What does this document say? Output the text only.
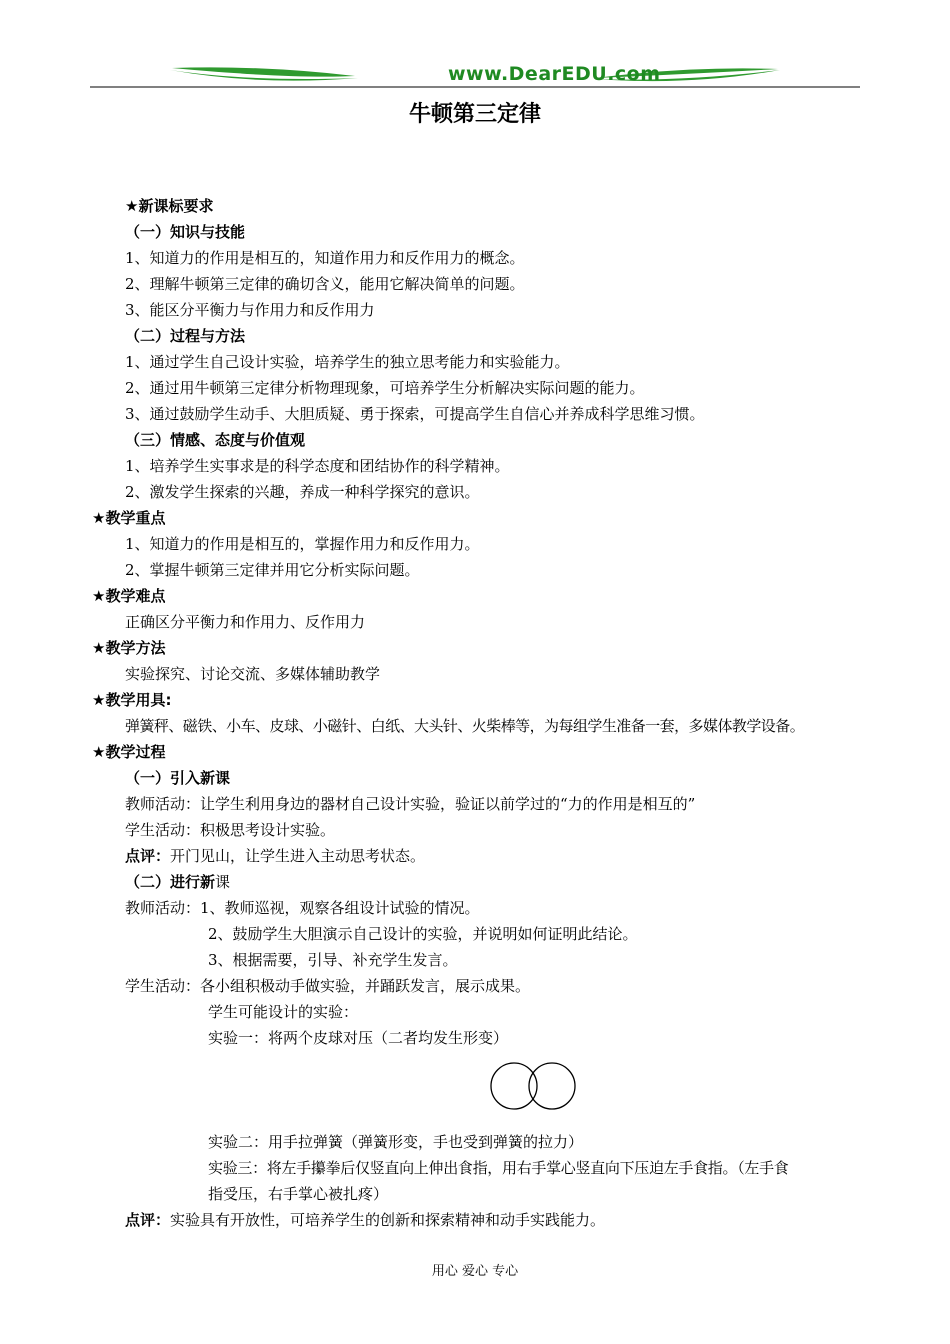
www.DearEDU.com
牛顿第三定律
★新课标要求
（一）知识与技能
1、知道力的作用是相互的，知道作用力和反作用力的概念。
2、理解牛顿第三定律的确切含义，能用它解决简单的问题。
3、能区分平衡力与作用力和反作用力
（二）过程与方法
1、通过学生自己设计实验，培养学生的独立思考能力和实验能力。
2、通过用牛顿第三定律分析物理现象，可培养学生分析解决实际问题的能力。
3、通过鼓励学生动手、大胆质疑、勇于探索，可提高学生自信心并养成科学思维习惯。
（三）情感、态度与价值观
1、培养学生实事求是的科学态度和团结协作的科学精神。
2、激发学生探索的兴趣，养成一种科学探究的意识。
★教学重点
1、知道力的作用是相互的，掌握作用力和反作用力。
2、掌握牛顿第三定律并用它分析实际问题。
★教学难点
正确区分平衡力和作用力、反作用力
★教学方法
实验探究、讨论交流、多媒体辅助教学
★教学用具:
弹簧秤、磁铁、小车、皮球、小磁针、白纸、大头针、火柴棒等，为每组学生准备一套，多媒体教学设备。
★教学过程
（一）引入新课
教师活动：让学生利用身边的器材自己设计实验，验证以前学过的“力的作用是相互的”
学生活动：积极思考设计实验。
点评：开门见山，让学生进入主动思考状态。
（二）进行新课
教师活动：1、教师巡视，观察各组设计试验的情况。
2、鼓励学生大胆演示自己设计的实验，并说明如何证明此结论。
3、根据需要，引导、补充学生发言。
学生活动：各小组积极动手做实验，并踊跃发言，展示成果。
学生可能设计的实验：
实验一：将两个皮球对压（二者均发生形变）
实验二：用手拉弹簧（弹簧形变，手也受到弹簧的拉力）
实验三：将左手攥拳后仅竖直向上伸出食指，用右手掌心竖直向下压迫左手食指。（左手食
指受压，右手掌心被扎疼）
点评：实验具有开放性，可培养学生的创新和探索精神和动手实践能力。
用心 爱心 专心
